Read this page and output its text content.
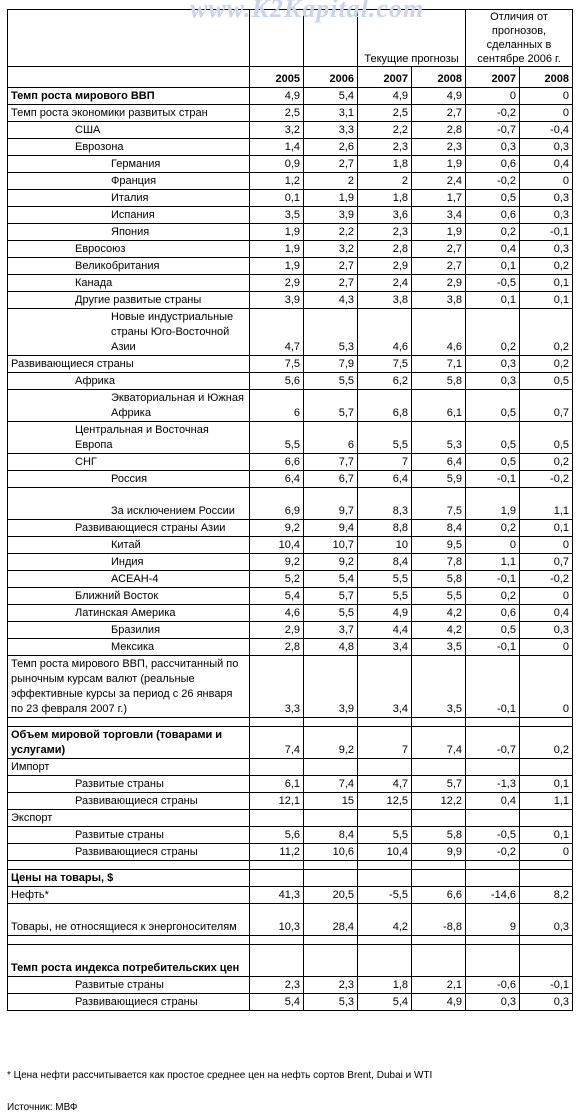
www.K2Kapital.com
			Текущие прогнозы		Отличия от прогнозов, сделанных в сентябре 2006 г.	
	2005	2006	2007	2008	2007	2008
Темп роста мирового ВВП	4,9	5,4	4,9	4,9	0	0
Темп роста экономики развитых стран	2,5	3,1	2,5	2,7	-0,2	0
США	3,2	3,3	2,2	2,8	-0,7	-0,4
Еврозона	1,4	2,6	2,3	2,3	0,3	0,3
Германия	0,9	2,7	1,8	1,9	0,6	0,4
Франция	1,2	2	2	2,4	-0,2	0
Италия	0,1	1,9	1,8	1,7	0,5	0,3
Испания	3,5	3,9	3,6	3,4	0,6	0,3
Япония	1,9	2,2	2,3	1,9	0,2	-0,1
Евросоюз	1,9	3,2	2,8	2,7	0,4	0,3
Великобритания	1,9	2,7	2,9	2,7	0,1	0,2
Канада	2,9	2,7	2,4	2,9	-0,5	0,1
Другие развитые страны	3,9	4,3	3,8	3,8	0,1	0,1
Новые индустриальные страны Юго-Восточной Азии	4,7	5,3	4,6	4,6	0,2	0,2
Развивающиеся страны	7,5	7,9	7,5	7,1	0,3	0,2
Африка	5,6	5,5	6,2	5,8	0,3	0,5
Экваториальная и Южная Африка	6	5,7	6,8	6,1	0,5	0,7
Центральная и Восточная Европа	5,5	6	5,5	5,3	0,5	0,5
СНГ	6,6	7,7	7	6,4	0,5	0,2
Россия	6,4	6,7	6,4	5,9	-0,1	-0,2
За исключением России	6,9	9,7	8,3	7,5	1,9	1,1
Развивающиеся страны Азии	9,2	9,4	8,8	8,4	0,2	0,1
Китай	10,4	10,7	10	9,5	0	0
Индия	9,2	9,2	8,4	7,8	1,1	0,7
АСЕАН-4	5,2	5,4	5,5	5,8	-0,1	-0,2
Ближний Восток	5,4	5,7	5,5	5,5	0,2	0
Латинская Америка	4,6	5,5	4,9	4,2	0,6	0,4
Бразилия	2,9	3,7	4,4	4,2	0,5	0,3
Мексика	2,8	4,8	3,4	3,5	-0,1	0
Темп роста мирового ВВП, рассчитанный по рыночным курсам валют (реальные эффективные курсы за период с 26 января по 23 февраля 2007 г.)	3,3	3,9	3,4	3,5	-0,1	0

Объем мировой торговли (товарами и услугами)	7,4	9,2	7	7,4	-0,7	0,2
Импорт						
Развитые страны	6,1	7,4	4,7	5,7	-1,3	0,1
Развивающиеся страны	12,1	15	12,5	12,2	0,4	1,1
Экспорт						
Развитые страны	5,6	8,4	5,5	5,8	-0,5	0,1
Развивающиеся страны	11,2	10,6	10,4	9,9	-0,2	0

Цены на товары, $						
Нефть*	41,3	20,5	-5,5	6,6	-14,6	8,2
Товары, не относящиеся к энергоносителям	10,3	28,4	4,2	-8,8	9	0,3

Темп роста индекса потребительских цен						
Развитые страны	2,3	2,3	1,8	2,1	-0,6	-0,1
Развивающиеся страны	5,4	5,3	5,4	4,9	0,3	0,3
* Цена нефти рассчитывается как простое среднее цен на нефть сортов Brent, Dubai и WTI
Источник: МВФ
